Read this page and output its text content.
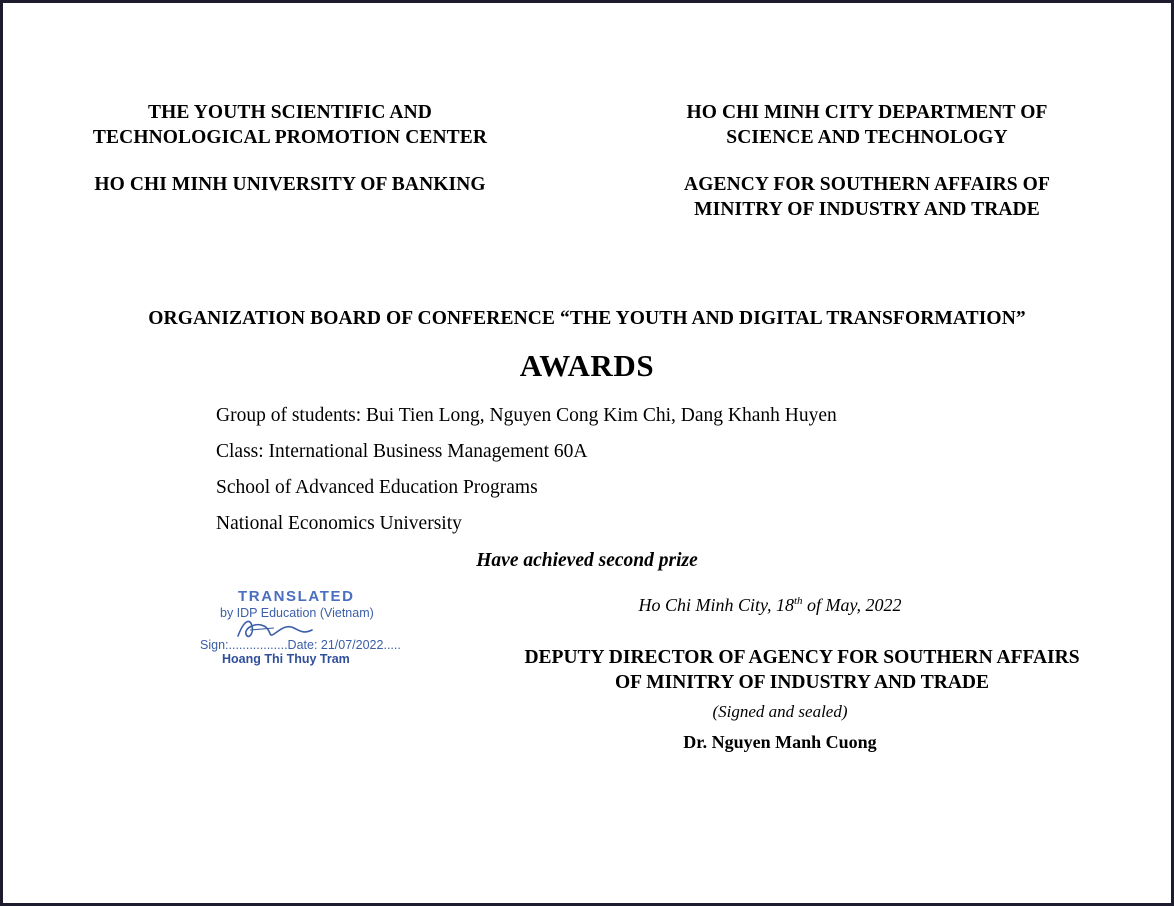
THE YOUTH SCIENTIFIC AND
TECHNOLOGICAL PROMOTION CENTER
HO CHI MINH UNIVERSITY OF BANKING
HO CHI MINH CITY DEPARTMENT OF
SCIENCE AND TECHNOLOGY
AGENCY FOR SOUTHERN AFFAIRS OF
MINITRY OF INDUSTRY AND TRADE
ORGANIZATION BOARD OF CONFERENCE “THE YOUTH AND DIGITAL TRANSFORMATION”
AWARDS
Group of students: Bui Tien Long, Nguyen Cong Kim Chi, Dang Khanh Huyen
Class: International Business Management 60A
School of Advanced Education Programs
National Economics University
Have achieved second prize
Ho Chi Minh City, 18th of May, 2022
DEPUTY DIRECTOR OF AGENCY FOR SOUTHERN AFFAIRS
OF MINITRY OF INDUSTRY AND TRADE
(Signed and sealed)
Dr. Nguyen Manh Cuong
TRANSLATED
by IDP Education (Vietnam)
Sign:.................Date: 21/07/2022.....
Hoang Thi Thuy Tram
